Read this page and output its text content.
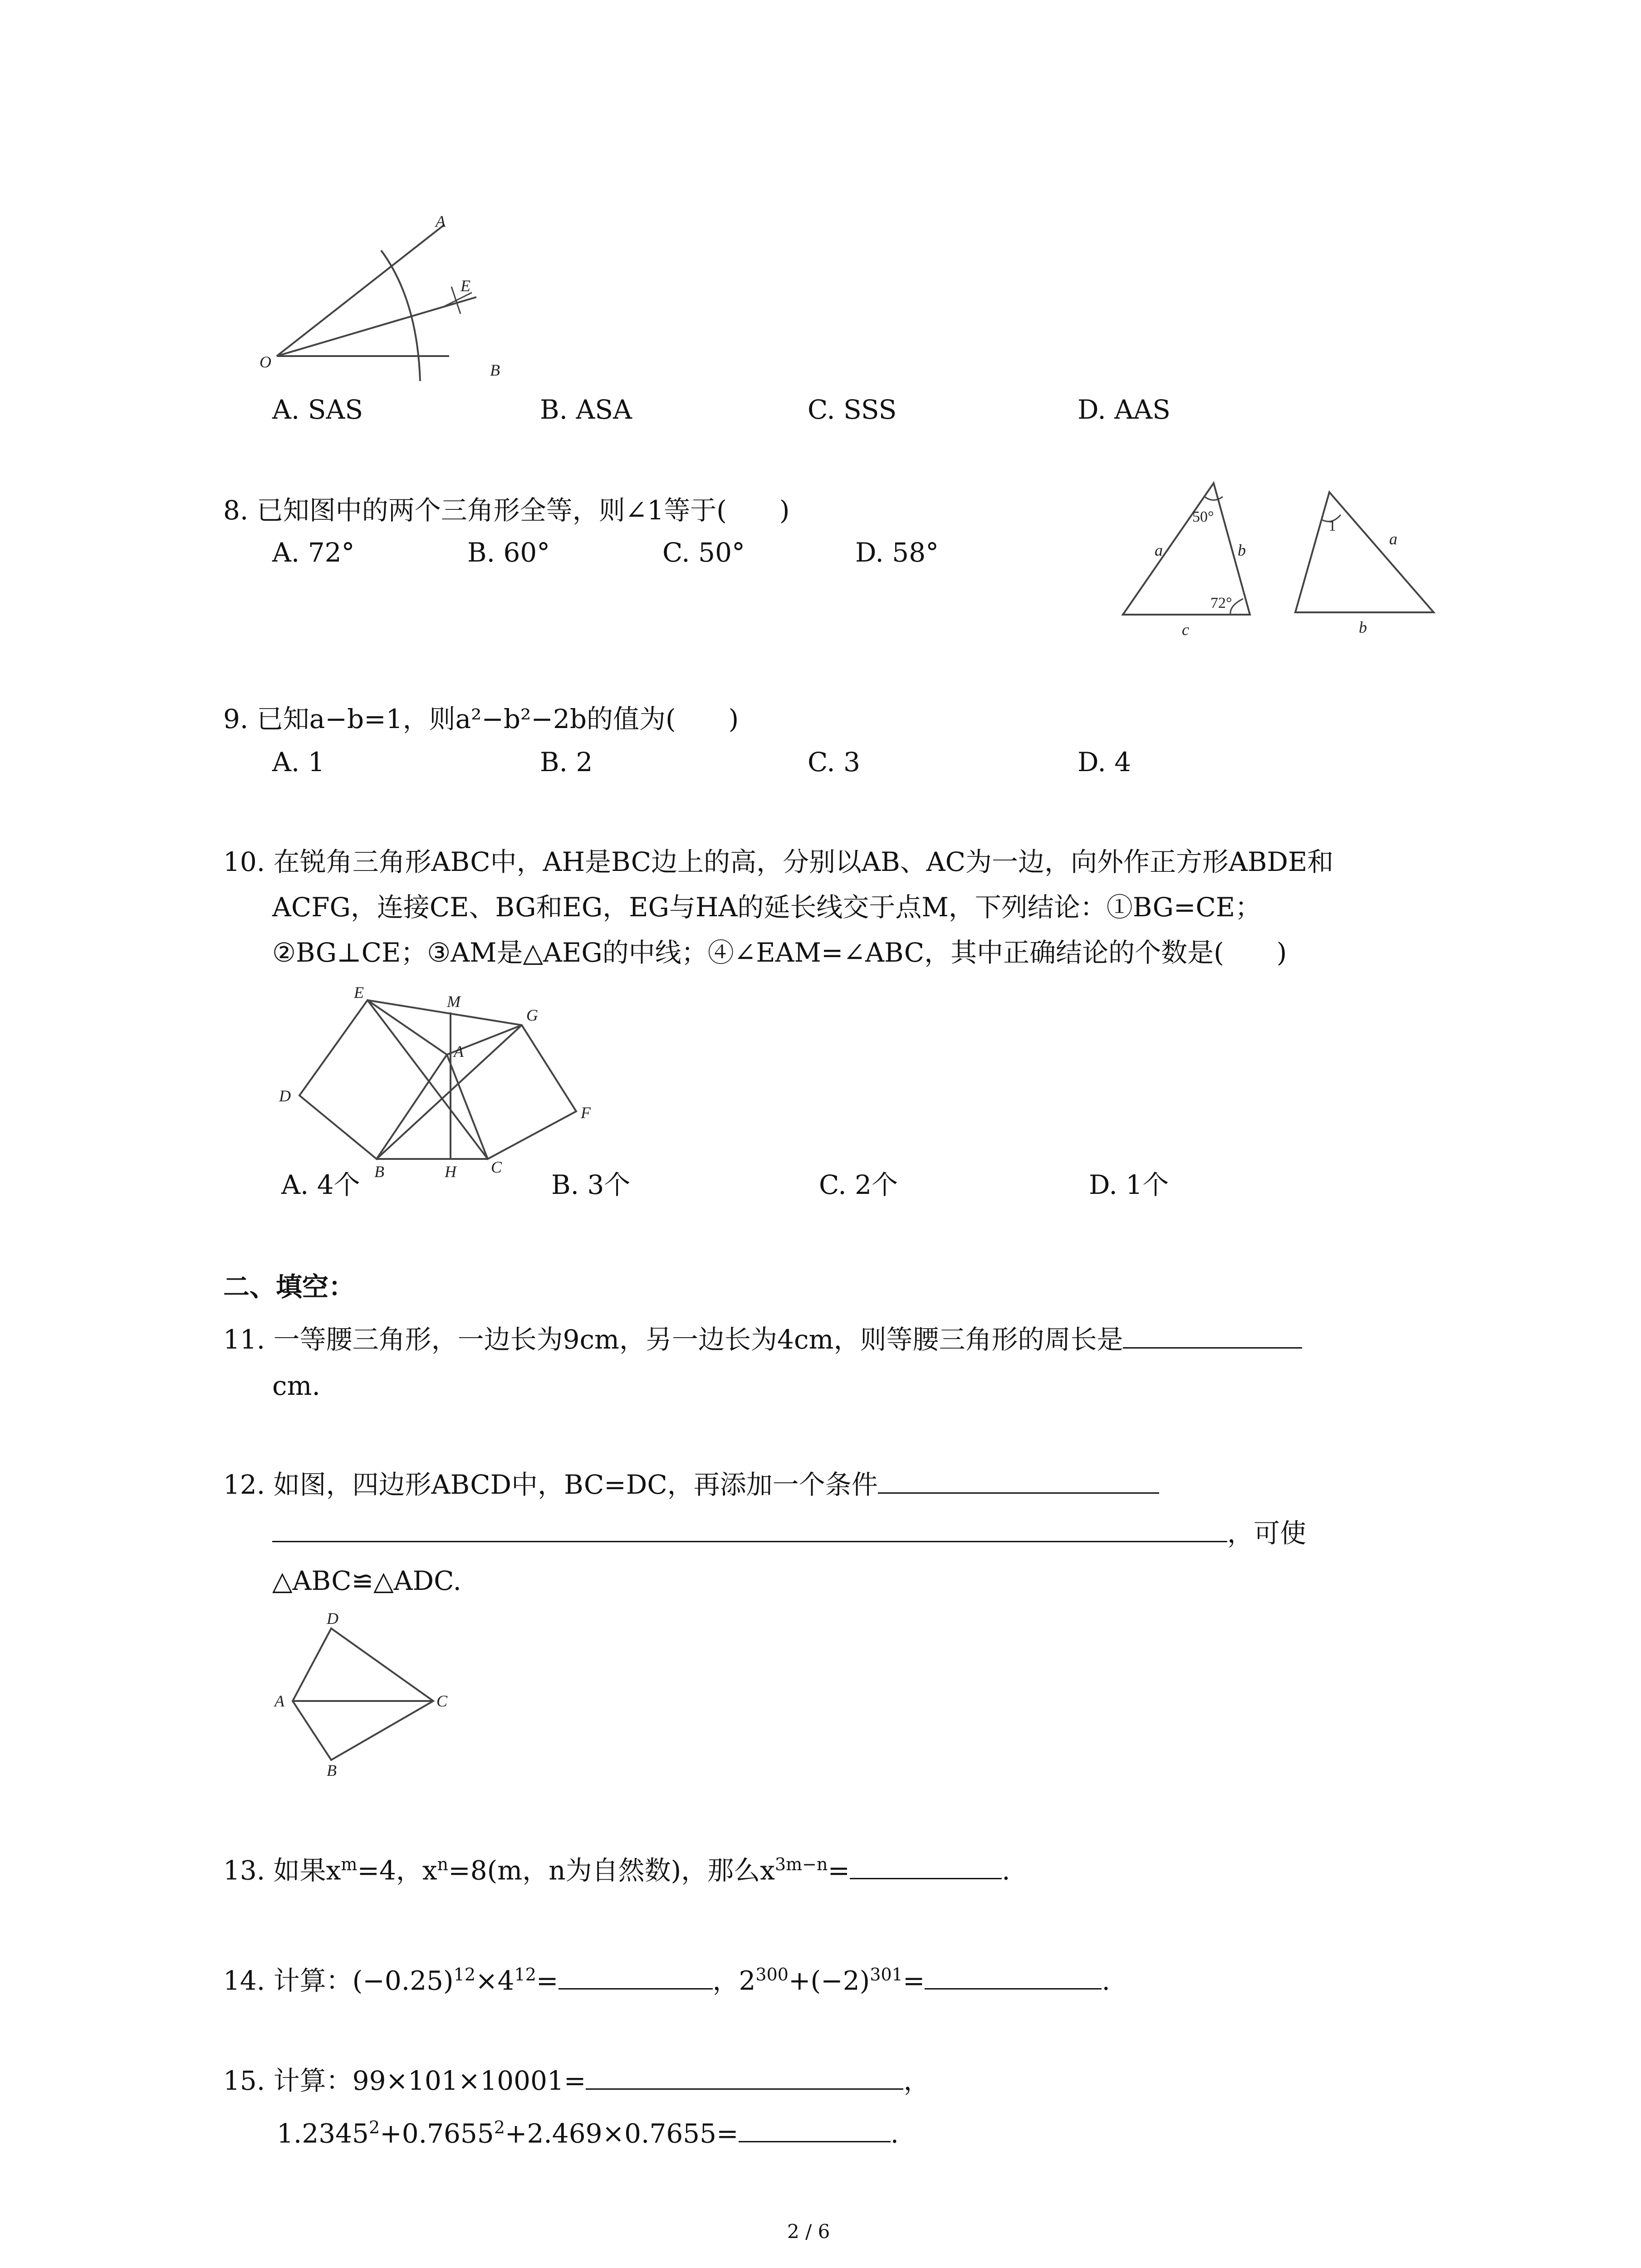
A
E
O	B
A. SAS	B. ASA	C. SSS	D. AAS
8. 已知图中的两个三角形全等，则∠1等于(　　)
A. 72°	B. 60°	C. 50°	D. 58°
50°
72°
a	b
c
1
a
b
9. 已知a−b=1，则a²−b²−2b的值为(　　)
A. 1	B. 2	C. 3	D. 4
10. 在锐角三角形ABC中，AH是BC边上的高，分别以AB、AC为一边，向外作正方形ABDE和
ACFG，连接CE、BG和EG，EG与HA的延长线交于点M，下列结论：①BG=CE；
②BG⊥CE；③AM是△AEG的中线；④∠EAM=∠ABC，其中正确结论的个数是(　　)
E	M
G
A
D
F
B	H C
A. 4个	B. 3个	C. 2个	D. 1个
二、填空：
11. 一等腰三角形，一边长为9cm，另一边长为4cm，则等腰三角形的周长是
cm.
12. 如图，四边形ABCD中，BC=DC，再添加一个条件
，可使
△ABC≌△ADC.
D
A	C
B
13. 如果$x^m=4$，$x^n=8(m$，n为自然数)，那么$x^{3m-n}=$	.
14. 计算：$(-0.25)^{12}\times 4^{12}=$	，$2^{300}+(-2)^{301}=$	.
15. 计算：99×101×10001=	，
$1.2345^2+0.7655^2+2.469\times 0.7655=$	.
2 / 6
